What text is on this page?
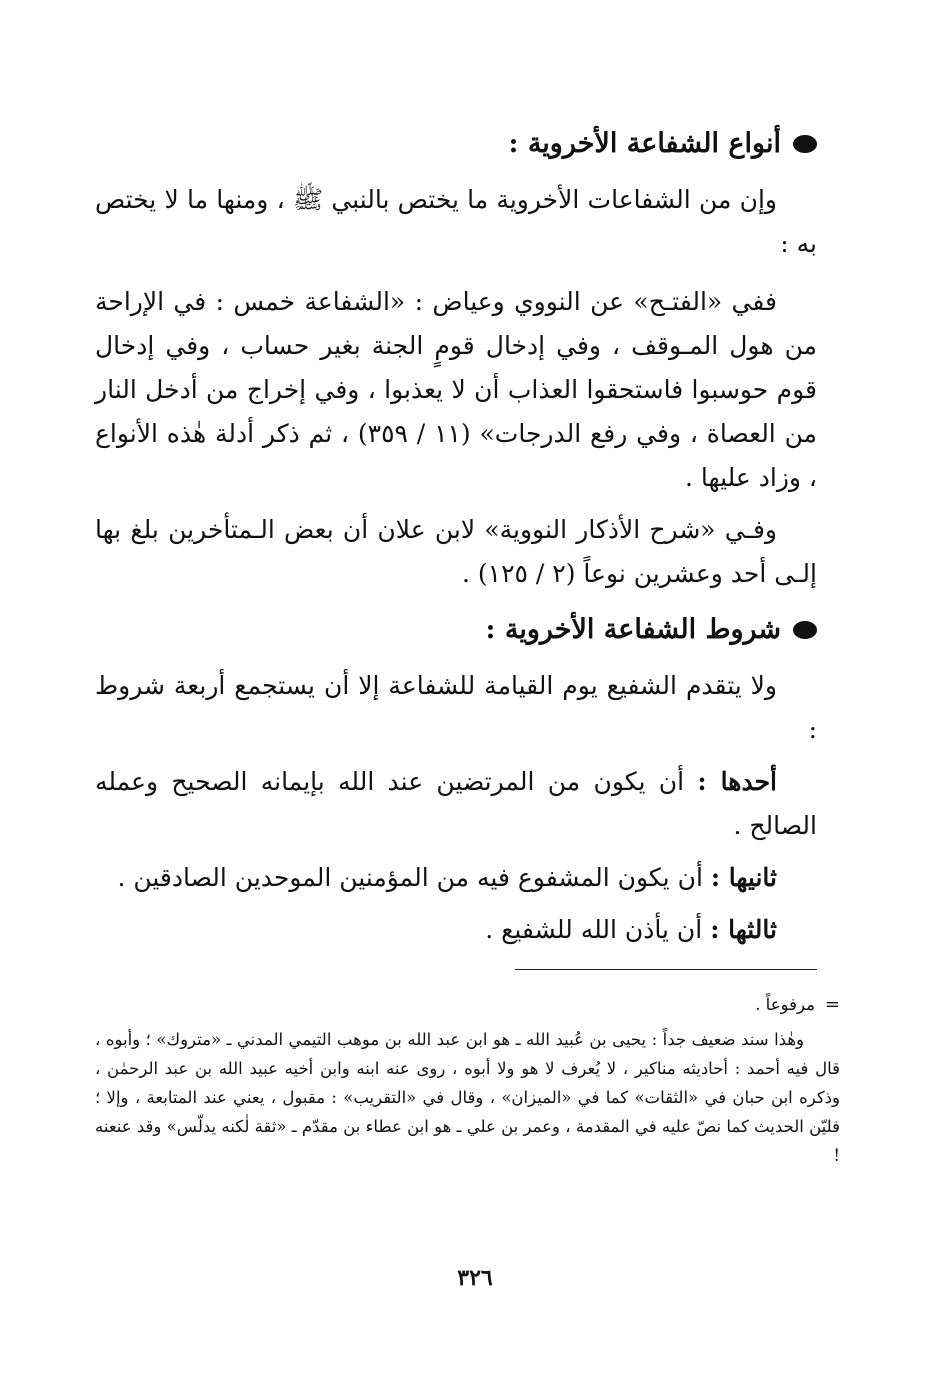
أنواع الشفاعة الأخروية :

وإن من الشفاعات الأخروية ما يختص بالنبي ﷺ ، ومنها ما لا يختص به :

ففي «الفتـح» عن النووي وعياض : «الشفاعة خمس : في الإراحة من هول المـوقف ، وفي إدخال قومٍ الجنة بغير حساب ، وفي إدخال قوم حوسبوا فاستحقوا العذاب أن لا يعذبوا ، وفي إخراج من أدخل النار من العصاة ، وفي رفع الدرجات» (١١ / ٣٥٩) ، ثم ذكر أدلة هٰذه الأنواع ، وزاد عليها .

وفـي «شرح الأذكار النووية» لابن علان أن بعض الـمتأخرين بلغ بها إلـى أحد وعشرين نوعاً (٢ / ١٢٥) .

شروط الشفاعة الأخروية :

ولا يتقدم الشفيع يوم القيامة للشفاعة إلا أن يستجمع أربعة شروط :

أحدها : أن يكون من المرتضين عند الله بإيمانه الصحيح وعمله الصالح .

ثانيها : أن يكون المشفوع فيه من المؤمنين الموحدين الصادقين .

ثالثها : أن يأذن الله للشفيع .

=
مرفوعاً .

وهٰذا سند ضعيف جداً : يحيى بن عُبيد الله ـ هو ابن عبد الله بن موهب التيمي المدني ـ «متروك» ؛ وأبوه ، قال فيه أحمد : أحاديثه مناكير ، لا يُعرف لا هو ولا أبوه ، روى عنه ابنه وابن أخيه عبيد الله بن عبد الرحمٰن ، وذكره ابن حبان في «الثقات» كما في «الميزان» ، وقال في «التقريب» : مقبول ، يعني عند المتابعة ، وإلا ؛ فليّن الحديث كما نصّ عليه في المقدمة ، وعمر بن علي ـ هو ابن عطاء بن مقدّم ـ «ثقة لٰكنه يدلّس» وقد عنعنه !

٣٢٦
